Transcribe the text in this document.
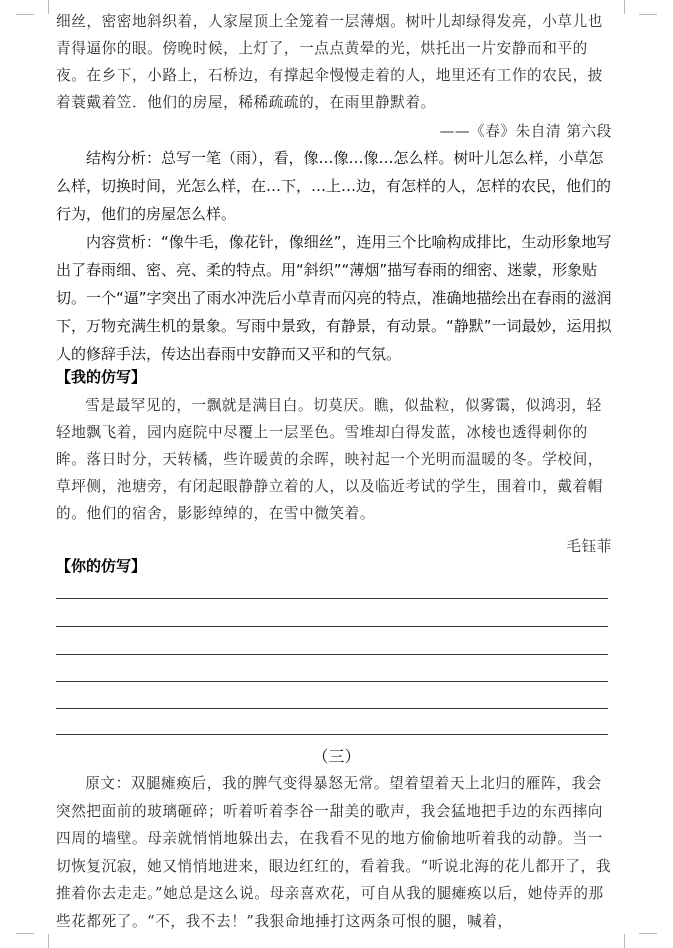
细丝，密密地斜织着，人家屋顶上全笼着一层薄烟。树叶儿却绿得发亮，小草儿也青得逼你的眼。傍晚时候，上灯了，一点点黄晕的光，烘托出一片安静而和平的夜。在乡下，小路上，石桥边，有撑起伞慢慢走着的人，地里还有工作的农民，披着蓑戴着笠．他们的房屋，稀稀疏疏的，在雨里静默着。

——《春》朱自清 第六段

结构分析：总写一笔（雨），看，像…像…像…怎么样。树叶儿怎么样，小草怎么样，切换时间，光怎么样，在…下，…上…边，有怎样的人，怎样的农民，他们的行为，他们的房屋怎么样。

内容赏析：“像牛毛，像花针，像细丝”，连用三个比喻构成排比，生动形象地写出了春雨细、密、亮、柔的特点。用“斜织”“薄烟”描写春雨的细密、迷蒙，形象贴切。一个“逼”字突出了雨水冲洗后小草青而闪亮的特点，准确地描绘出在春雨的滋润下，万物充满生机的景象。写雨中景致，有静景，有动景。“静默”一词最妙，运用拟人的修辞手法，传达出春雨中安静而又平和的气氛。

【我的仿写】

雪是最罕见的，一飘就是满目白。切莫厌。瞧，似盐粒，似雾霭，似鸿羽，轻轻地飘飞着，园内庭院中尽覆上一层垩色。雪堆却白得发蓝，冰棱也透得刺你的眸。落日时分，天转橘，些许暖黄的余晖，映衬起一个光明而温暖的冬。学校间，草坪侧，池塘旁，有闭起眼静静立着的人，以及临近考试的学生，围着巾，戴着帽的。他们的宿舍，影影绰绰的，在雪中微笑着。

毛钰菲

【你的仿写】

（三）

原文：双腿瘫痪后，我的脾气变得暴怒无常。望着望着天上北归的雁阵，我会突然把面前的玻璃砸碎；听着听着李谷一甜美的歌声，我会猛地把手边的东西摔向四周的墙壁。母亲就悄悄地躲出去，在我看不见的地方偷偷地听着我的动静。当一切恢复沉寂，她又悄悄地进来，眼边红红的，看着我。“听说北海的花儿都开了，我推着你去走走。”她总是这么说。母亲喜欢花，可自从我的腿瘫痪以后，她侍弄的那些花都死了。“不，我不去！”我狠命地捶打这两条可恨的腿，喊着，
